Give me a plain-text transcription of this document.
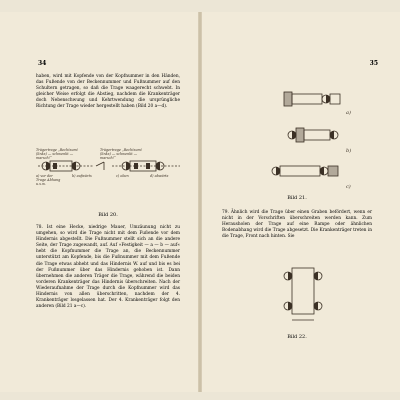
34	35

haben, wird mit Kopfende von der Kopfnummer in den Händen, das Fußende von der Beckennummer und Fußnummer auf den Schultern getragen, so daß die Trage waagerecht schwebt. In gleicher Weise erfolgt die Abstieg, nachdem die Krankenträger doch Nebenschwung und Kehrtwendung die ursprüngliche Richtung der Trage wieder hergestellt haben (Bild 20 a—d).

Trägertrage „Rechtsum! (links) — schwenkt — marsch!“
Trägertrage „Rechtsum! (links) — schwenkt — marsch!“
a) vor der Trage Abhang u.s.w.
b) aufwärts	c) oben	d) abwärts
Bild 20.

78. Ist eine Hecke, niedrige Mauer, Umzäunung nicht zu umgehen, so wird die Trage nicht mit dem Fußende vor dem Hindernis abgestellt. Die Fußnummer stellt sich an die andere Seite, der Trage zugewandt, auf. Auf »Festigkeit — a — b — auf« hebt die Kopfnummer die Trage an, die Beckennummer unterstützt am Kopfende, bis die Fußnummer mit dem Fußende die Trage etwas abhebt und das Hindernis W. auf und bis es bei der Fußnummer über das Hindernis gehoben ist. Dann übernehmen die anderen Träger die Trage, während die beiden vorderen Krankenträger das Hindernis überschreiten. Nach der Wiederaufnahme der Trage durch die Kopfnummer wird das Hindernis von allen überschritten, nachdem der 4. Krankenträger losgelassen hat. Der 4. Krankenträger folgt den anderen (Bild 21 a—c).

a)
b)
c)
Bild 21.

79. Ähnlich wird die Trage über einen Graben befördert, wenn er nicht in der Vorschriften überschreiten werden kann. Zum Herausholen der Trage auf eine Rampe oder ähnlichen Bodenabhang wird die Trage abgesetzt. Die Krankenträger treten in die Trage, Front nach hinten. Sie

Bild 22.
